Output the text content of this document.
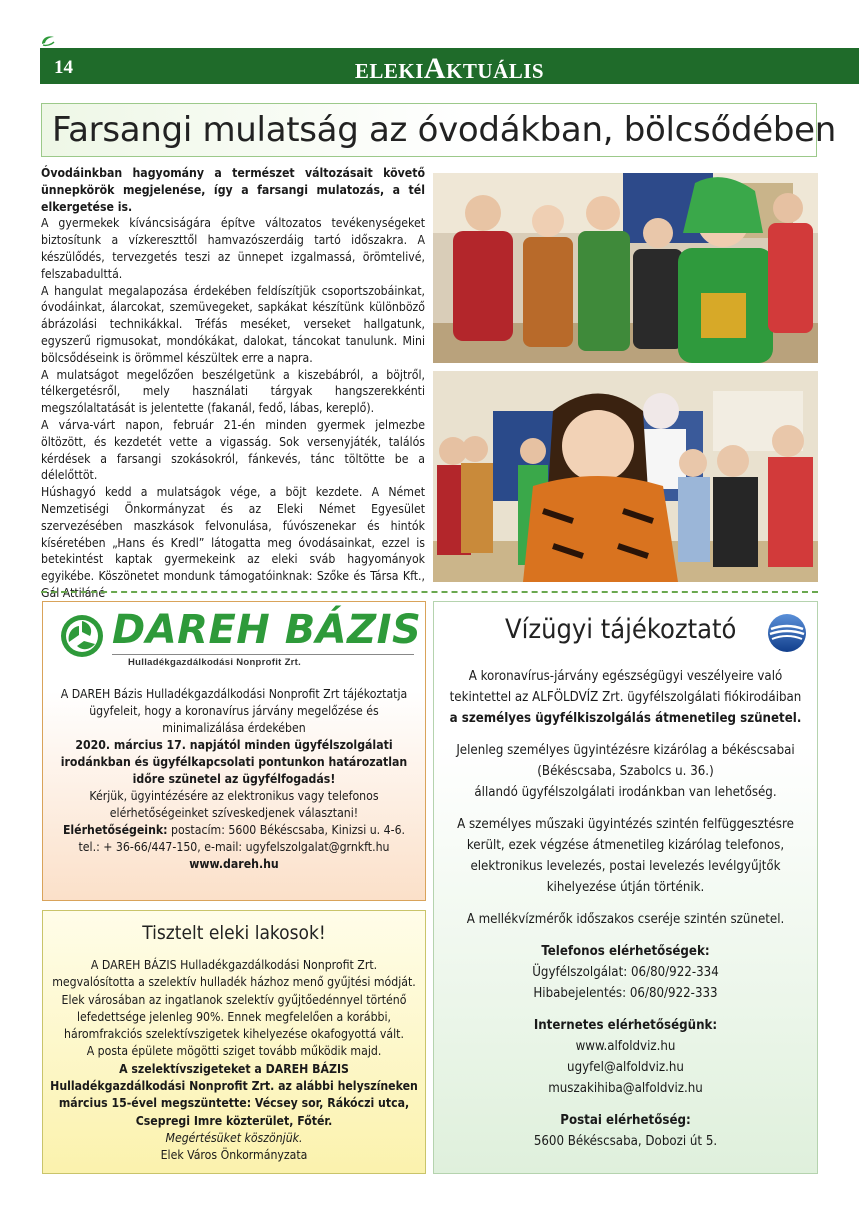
14	ELEKIAKTUÁLIS
Farsangi mulatság az óvodákban, bölcsődében

Óvodáinkban hagyomány a természet változásait követő ünnepkörök megjelenése, így a farsangi mulatozás, a tél elkergetése is.

A gyermekek kíváncsiságára építve változatos tevékenységeket biztosítunk a vízkereszttől hamvazószerdáig tartó időszakra. A készülődés, tervezgetés teszi az ünnepet izgalmassá, örömtelivé, felszabadulttá.

A hangulat megalapozása érdekében feldíszítjük csoportszobáinkat, óvodáinkat, álarcokat, szemüvegeket, sapkákat készítünk különböző ábrázolási technikákkal. Tréfás meséket, verseket hallgatunk, egyszerű rigmusokat, mondókákat, dalokat, táncokat tanulunk. Mini bölcsődéseink is örömmel készültek erre a napra.

A mulatságot megelőzően beszélgetünk a kiszebábról, a böjtről, télkergetésről, mely használati tárgyak hangszerekkénti megszólaltatását is jelentette (fakanál, fedő, lábas, kereplő).

A várva-várt napon, február 21-én minden gyermek jelmezbe öltözött, és kezdetét vette a vigasság. Sok versenyjáték, találós kérdések a farsangi szokásokról, fánkevés, tánc töltötte be a délelőttöt.

Húshagyó kedd a mulatságok vége, a böjt kezdete. A Német Nemzetiségi Önkormányzat és az Eleki Német Egyesület szervezésében maszkások felvonulása, fúvószenekar és hintók kíséretében „Hans és Kredl” látogatta meg óvodásainkat, ezzel is betekintést kaptak gyermekeink az eleki sváb hagyományok egyikébe. Köszönetet mondunk támogatóinknak: Szőke és Társa Kft., Gál Attiláné

DAREH BÁZIS
Hulladékgazdálkodási Nonprofit Zrt.

A DAREH Bázis Hulladékgazdálkodási Nonprofit Zrt tájékoztatja ügyfeleit, hogy a koronavírus járvány megelőzése és minimalizálása érdekében

2020. március 17. napjától minden ügyfélszolgálati irodánkban és ügyfélkapcsolati pontunkon határozatlan időre szünetel az ügyfélfogadás!

Kérjük, ügyintézésére az elektronikus vagy telefonos elérhetőségeinket szíveskedjenek választani!

Elérhetőségeink: postacím: 5600 Békéscsaba, Kinizsi u. 4-6.

tel.: + 36-66/447-150, e-mail: ugyfelszolgalat@grnkft.hu

www.dareh.hu

Tisztelt eleki lakosok!

A DAREH BÁZIS Hulladékgazdálkodási Nonprofit Zrt. megvalósította a szelektív hulladék házhoz menő gyűjtési módját.

Elek városában az ingatlanok szelektív gyűjtőedénnyel történő lefedettsége jelenleg 90%. Ennek megfelelően a korábbi, háromfrakciós szelektívszigetek kihelyezése okafogyottá vált.

A posta épülete mögötti sziget tovább működik majd.

A szelektívszigeteket a DAREH BÁZIS Hulladékgazdálkodási Nonprofit Zrt. az alábbi helyszíneken március 15-ével megszüntette: Vécsey sor, Rákóczi utca, Csepregi Imre közterület, Főtér.

Megértésüket köszönjük.

Elek Város Önkormányzata

Vízügyi tájékoztató

A koronavírus-járvány egészségügyi veszélyeire való tekintettel az ALFÖLDVÍZ Zrt. ügyfélszolgálati fiókirodáiban
a személyes ügyfélkiszolgálás átmenetileg szünetel.

Jelenleg személyes ügyintézésre kizárólag a békéscsabai
(Békéscsaba, Szabolcs u. 36.)
állandó ügyfélszolgálati irodánkban van lehetőség.

A személyes műszaki ügyintézés szintén felfüggesztésre került, ezek végzése átmenetileg kizárólag telefonos, elektronikus levelezés, postai levelezés levélgyűjtők kihelyezése útján történik.

A mellékvízmérők időszakos cseréje szintén szünetel.

Telefonos elérhetőségek:

Ügyfélszolgálat: 06/80/922-334

Hibabejelentés: 06/80/922-333

Internetes elérhetőségünk:

www.alfoldviz.hu

ugyfel@alfoldviz.hu

muszakihiba@alfoldviz.hu

Postai elérhetőség:

5600 Békéscsaba, Dobozi út 5.
